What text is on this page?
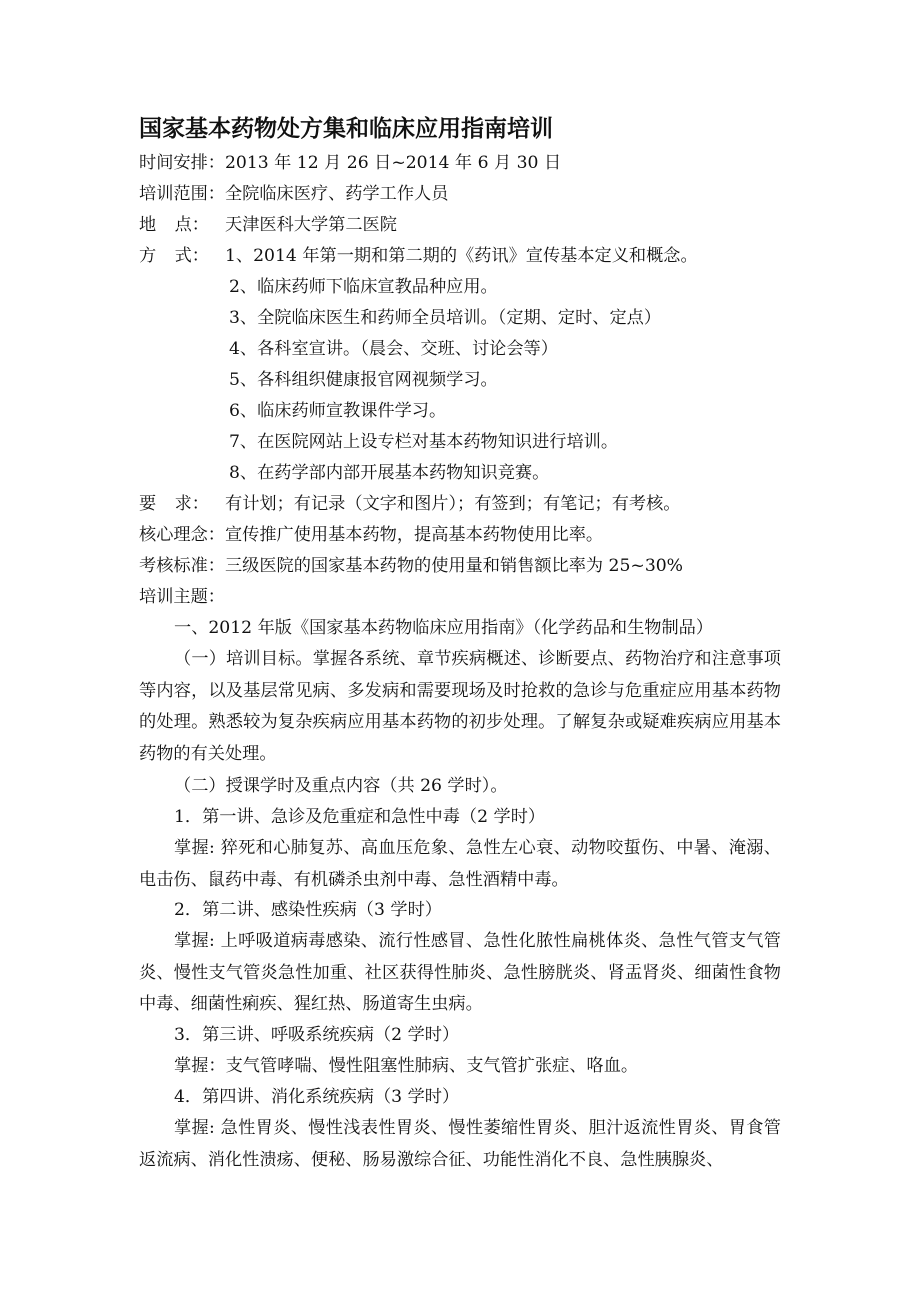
国家基本药物处方集和临床应用指南培训
时间安排：2013 年 12 月 26 日~2014 年 6 月 30 日
培训范围：全院临床医疗、药学工作人员
地 点： 天津医科大学第二医院
方 式： 1、2014 年第一期和第二期的《药讯》宣传基本定义和概念。
2、临床药师下临床宣教品种应用。
3、全院临床医生和药师全员培训。（定期、定时、定点）
4、各科室宣讲。（晨会、交班、讨论会等）
5、各科组织健康报官网视频学习。
6、临床药师宣教课件学习。
7、在医院网站上设专栏对基本药物知识进行培训。
8、在药学部内部开展基本药物知识竞赛。
要 求： 有计划；有记录（文字和图片）；有签到；有笔记；有考核。
核心理念：宣传推广使用基本药物，提高基本药物使用比率。
考核标准：三级医院的国家基本药物的使用量和销售额比率为 25~30%
培训主题：
一、2012 年版《国家基本药物临床应用指南》（化学药品和生物制品）
（一）培训目标。掌握各系统、章节疾病概述、诊断要点、药物治疗和注意事项等内容，以及基层常见病、多发病和需要现场及时抢救的急诊与危重症应用基本药物的处理。熟悉较为复杂疾病应用基本药物的初步处理。了解复杂或疑难疾病应用基本药物的有关处理。
（二）授课学时及重点内容（共 26 学时）。
1．第一讲、急诊及危重症和急性中毒（2 学时）
掌握: 猝死和心肺复苏、高血压危象、急性左心衰、动物咬蜇伤、中暑、淹溺、电击伤、鼠药中毒、有机磷杀虫剂中毒、急性酒精中毒。
2．第二讲、感染性疾病（3 学时）
掌握: 上呼吸道病毒感染、流行性感冒、急性化脓性扁桃体炎、急性气管支气管炎、慢性支气管炎急性加重、社区获得性肺炎、急性膀胱炎、肾盂肾炎、细菌性食物中毒、细菌性痢疾、猩红热、肠道寄生虫病。
3．第三讲、呼吸系统疾病（2 学时）
掌握：支气管哮喘、慢性阻塞性肺病、支气管扩张症、咯血。
4．第四讲、消化系统疾病（3 学时）
掌握: 急性胃炎、慢性浅表性胃炎、慢性萎缩性胃炎、胆汁返流性胃炎、胃食管返流病、消化性溃疡、便秘、肠易激综合征、功能性消化不良、急性胰腺炎、
